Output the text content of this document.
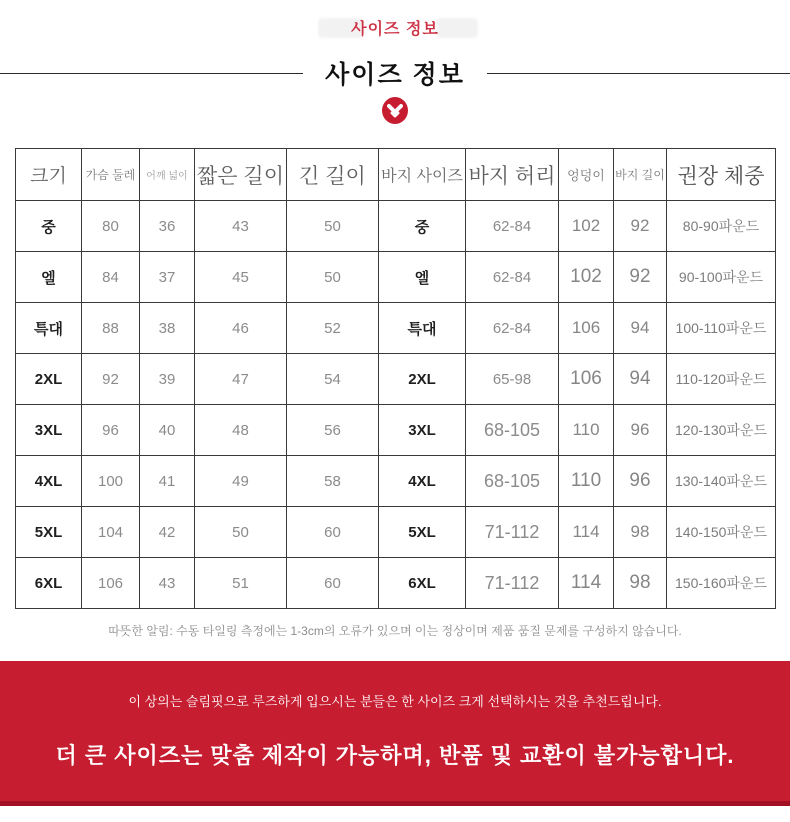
사이즈 정보
사이즈 정보
크기	가슴 둘레	어깨 넓이	짧은 길이	긴 길이	바지 사이즈	바지 허리	엉덩이	바지 길이	권장 체중
중	80	36	43	50	중	62-84	102	92	80-90파운드
엘	84	37	45	50	엘	62-84	102	92	90-100파운드
특대	88	38	46	52	특대	62-84	106	94	100-110파운드
2XL	92	39	47	54	2XL	65-98	106	94	110-120파운드
3XL	96	40	48	56	3XL	68-105	110	96	120-130파운드
4XL	100	41	49	58	4XL	68-105	110	96	130-140파운드
5XL	104	42	50	60	5XL	71-112	114	98	140-150파운드
6XL	106	43	51	60	6XL	71-112	114	98	150-160파운드

따뜻한 알림: 수동 타일링 측정에는 1-3cm의 오류가 있으며 이는 정상이며 제품 품질 문제를 구성하지 않습니다.

이 상의는 슬림핏으로 루즈하게 입으시는 분들은 한 사이즈 크게 선택하시는 것을 추천드립니다.

더 큰 사이즈는 맞춤 제작이 가능하며, 반품 및 교환이 불가능합니다.
